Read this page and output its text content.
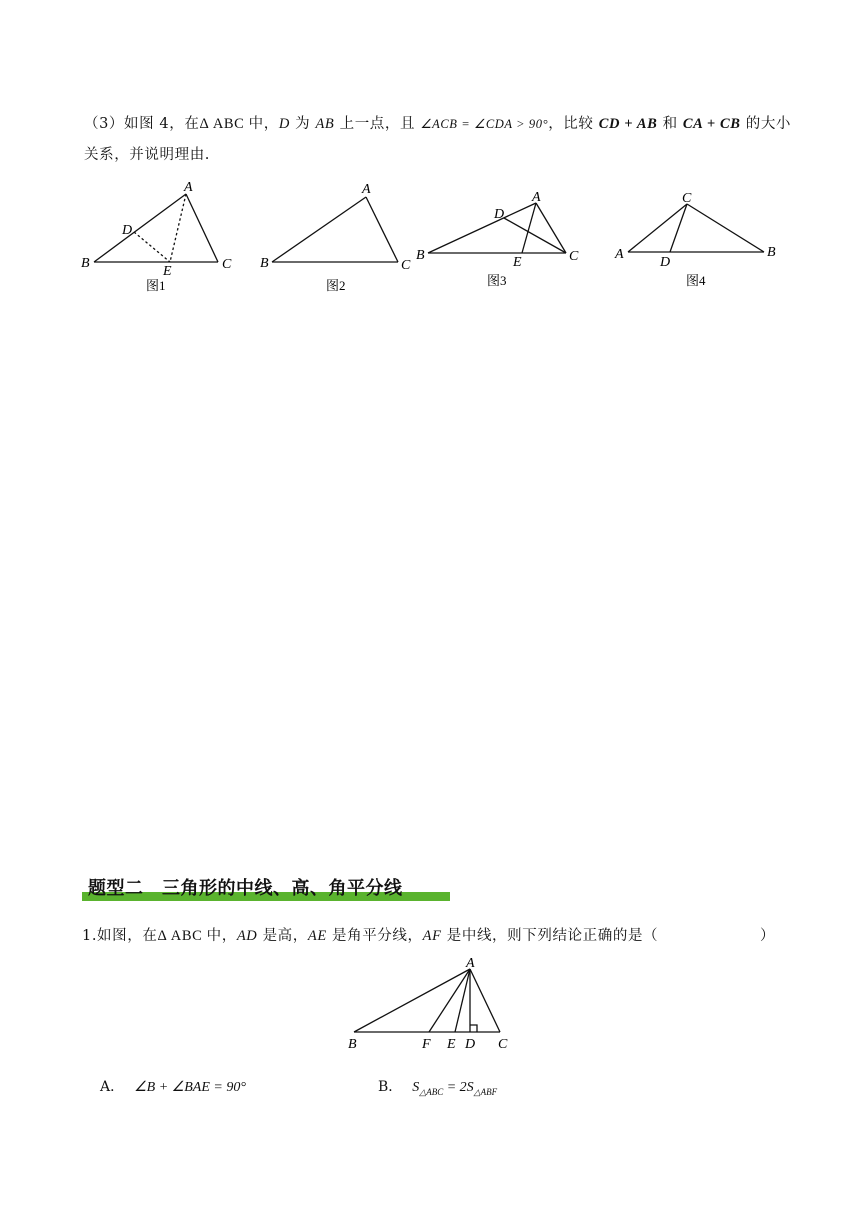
（3）如图 4，在Δ ABC 中，D 为 AB 上一点，且 ∠ACB = ∠CDA > 90°，比较 CD + AB 和 CA + CB 的大小
关系，并说明理由.
A
B	C
D
E
图1
A
B	C
图2
A
B	C
D
E
图3
C
A	B
D
图4
题型二　三角形的中线、高、角平分线
1.如图，在Δ ABC 中，AD 是高，AE 是角平分线，AF 是中线，则下列结论正确的是（	）
A
B	F E D C
A． ∠B + ∠BAE = 90°	B． $S_{\triangle ABC} = 2S_{\triangle ABF}$
